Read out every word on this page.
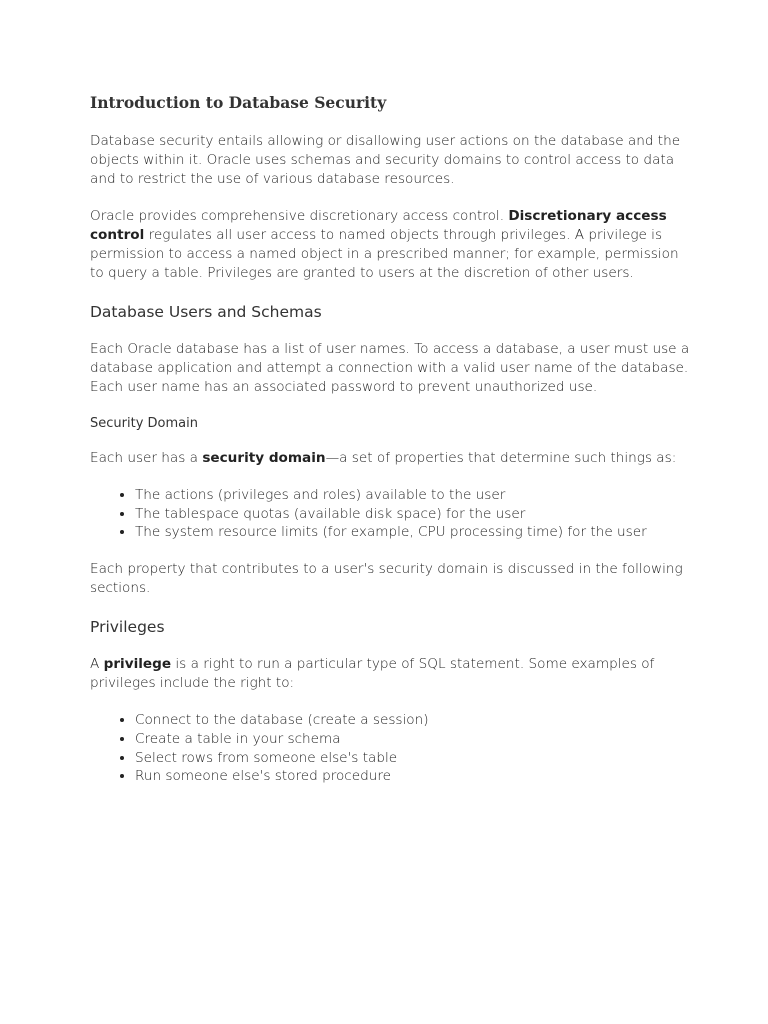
Introduction to Database Security

Database security entails allowing or disallowing user actions on the database and the objects within it. Oracle uses schemas and security domains to control access to data and to restrict the use of various database resources.

Oracle provides comprehensive discretionary access control. Discretionary access control regulates all user access to named objects through privileges. A privilege is permission to access a named object in a prescribed manner; for example, permission to query a table. Privileges are granted to users at the discretion of other users.

Database Users and Schemas

Each Oracle database has a list of user names. To access a database, a user must use a database application and attempt a connection with a valid user name of the database. Each user name has an associated password to prevent unauthorized use.

Security Domain

Each user has a security domain—a set of properties that determine such things as:

• The actions (privileges and roles) available to the user
• The tablespace quotas (available disk space) for the user
• The system resource limits (for example, CPU processing time) for the user

Each property that contributes to a user's security domain is discussed in the following sections.

Privileges

A privilege is a right to run a particular type of SQL statement. Some examples of privileges include the right to:

• Connect to the database (create a session)
• Create a table in your schema
• Select rows from someone else's table
• Run someone else's stored procedure
